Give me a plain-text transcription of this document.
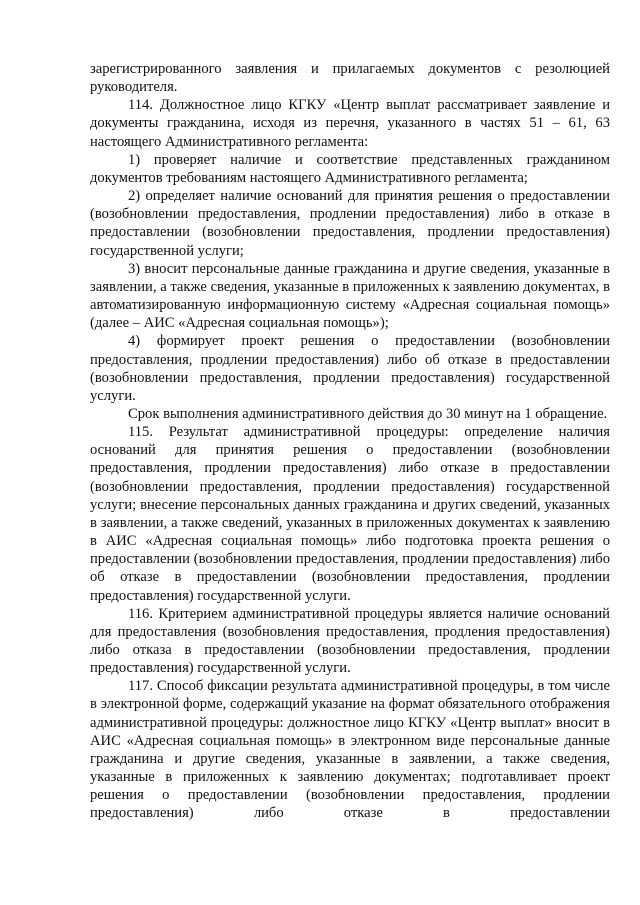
зарегистрированного заявления и прилагаемых документов с резолюцией руководителя.

114. Должностное лицо КГКУ «Центр выплат рассматривает заявление и документы гражданина, исходя из перечня, указанного в частях 51 – 61, 63 настоящего Административного регламента:

1) проверяет наличие и соответствие представленных гражданином документов требованиям настоящего Административного регламента;

2) определяет наличие оснований для принятия решения о предоставлении (возобновлении предоставления, продлении предоставления) либо в отказе в предоставлении (возобновлении предоставления, продлении предоставления) государственной услуги;

3) вносит персональные данные гражданина и другие сведения, указанные в заявлении, а также сведения, указанные в приложенных к заявлению документах, в автоматизированную информационную систему «Адресная социальная помощь» (далее – АИС «Адресная социальная помощь»);

4) формирует проект решения о предоставлении (возобновлении предоставления, продлении предоставления) либо об отказе в предоставлении (возобновлении предоставления, продлении предоставления) государственной услуги.

Срок выполнения административного действия до 30 минут на 1 обращение.

115. Результат административной процедуры: определение наличия оснований для принятия решения о предоставлении (возобновлении предоставления, продлении предоставления) либо отказе в предоставлении (возобновлении предоставления, продлении предоставления) государственной услуги; внесение персональных данных гражданина и других сведений, указанных в заявлении, а также сведений, указанных в приложенных документах к заявлению в АИС «Адресная социальная помощь» либо подготовка проекта решения о предоставлении (возобновлении предоставления, продлении предоставления) либо об отказе в предоставлении (возобновлении предоставления, продлении предоставления) государственной услуги.

116. Критерием административной процедуры является наличие оснований для предоставления (возобновления предоставления, продления предоставления) либо отказа в предоставлении (возобновлении предоставления, продлении предоставления) государственной услуги.

117. Способ фиксации результата административной процедуры, в том числе в электронной форме, содержащий указание на формат обязательного отображения административной процедуры: должностное лицо КГКУ «Центр выплат» вносит в АИС «Адресная социальная помощь» в электронном виде персональные данные гражданина и другие сведения, указанные в заявлении, а также сведения, указанные в приложенных к заявлению документах; подготавливает проект решения о предоставлении (возобновлении предоставления, продлении предоставления) либо отказе в предоставлении
